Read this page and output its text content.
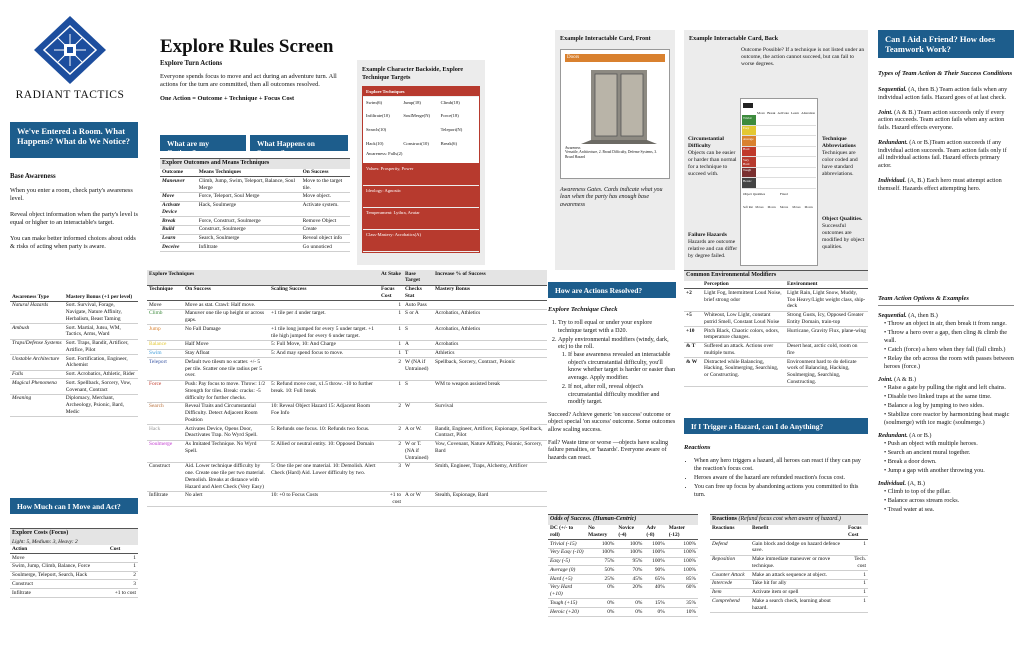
RADIANT TACTICS
Explore Rules Screen
Explore Turn Actions

Everyone spends focus to move and act during an adventure turn. All actions for the turn are committed, then all outcomes resolved.

One Action = Outcome + Technique + Focus Cost

What are my Options?
What Happens on Success?
Explore Outcomes and Means Techniques
Outcome	Means Techniques	On Success
Maneuver	Climb, Jump, Swim, Teleport, Balance, Soul Merge	Move to the target tile.
Move	Force, Teleport, Soul Merge	Move object.
Activate Device	Hack, Soulmerge	Activate system.
Break	Force, Construct, Soulmerge	Remove Object
Build	Construct, Soulmerge	Create
Learn	Search, Soulmerge	Reveal object info
Deceive	Infiltrate	Go unnoticed
Example Character Backside, Explore Technique Targets
Explore Techniques
Swim(6)	Jump(18)	Climb(18)
Infiltrate(10)	SoulMerge(N)	Force(18)
Search(10)	Teleport(N)
Hack(10)	Construct(10)	Break(6)
Awareness: Falls(2)
Values: Prosperity, Power
Ideology: Agnostic
Temperament: Lythra, Avatar
Class-Mastery: Acrobatics(A)
Example Interactable Card, Front
Doors
Awareness
Versatile, Architecture, 2. Broad Difficulty, Defense Systems, 3. Broad Hazard
Awareness Gates. Cards indicate what you lean when the party has enough base awareness
Example Interactable Card, Back
Outcome Possible? If a technique is not listed under an outcome, the action cannot succeed, but can fail to worse degrees.
Circumstantial Difficulty
Objects can be easier or harder than normal for a technique to succeed with.
Failure Hazards
Hazards are outcome relative and can differ by degree failed.
Move Break Activate Learn Alteration
Trivial
Easy
Average
Hard
Very Hard
Tough
Heroic
Object Qualities	Fixed
Soft Ret Moves	Moves	Moves	Moves	Moves
Technique Abbreviations
Techniques are color coded and have standard abbreviations.
Object Qualities.
Successful outcomes are modified by object qualities.
Can I Aid a Friend? How does Teamwork Work?
We've Entered a Room. What Happens? What do We Notice?
Base Awareness

When you enter a room, check party's awareness level.

Reveal object information when the party's level is equal or higher to an interactable's target.

You can make better informed choices about odds & risks of acting when party is aware.

Awareness Type	Mastery Bonus (+1 per level)
Natural Hazards	Sort. Survival, Forage, Navigate, Nature Affinity, Herbalism, Beast Taming
Ambush	Sort. Martial, Jutsu, WM, Tactics, Arms, Ward
Traps/Defense Systems	Sort. Traps, Bandit, Artificer, Artifice, Pilot
Unstable Architecture	Sort. Fortification, Engineer, Alchemist
Falls	Sort. Acrobatics, Athletic, Rider
Magical Phenomena	Sort. Spellback, Sorcery, Vow, Covenant, Contract
Meaning	Diplomacy, Merchant, Archeology, Psionic, Bard, Medic
How Much can I Move and Act?
Explore Costs (Focus)
Light: 5, Medium: 3, Heavy: 2
Action	Cost
Move	1
Swim, Jump, Climb, Balance, Force	1
Soulmerge, Teleport, Search, Hack	2
Construct	3
Infiltrate	+1 to cost
Explore Techniques			At Stake	Base Target	Increase % of Success
Technique	On Success	Scaling Success	Focus Cost	Checks Stat	Mastery Bonus
Move	Move as stat. Crawl: Half move.		1	Auto Pass	
Climb	Manuver one tile up height or across gaps.	+1 tile per 4 under target.	1	S or A	Acrobatics, Athletics
Jump	No Fall Damage	+1 tile long jumped for every 5 under target. +1 tile high jumped for every 6 under target.	1	S	Acrobatics, Athletics
Balance	Half Move	5: Full Move, 10: And Charge	1	A	Acrobatics
Swim	Stay Afloat	5: And may spend focus to move.	1	T	Athletics
Teleport	Default two tilesm no scatter. +/- 5 per tile. Scatter one tile radius per 5 over.		2	W (NA if Untrained)	Spellback, Sorcery, Contract, Psionic
Force	Push: Pay focus to move. Throw: 1/2 Strength for tiles. Break: cracks: -5 difficulty for further checks.	5: Refund move cost, x1.5 throw. -10 to further break. 10: Full break	1	S	WM to weapon assisted break
Search	Reveal Traits and Circumstantial Difficulty. Detect Adjacent Room Position	10: Reveal Object Hazard 15: Adjacent Room Foe Info	2	W	Survival
Hack	Activates Device, Opens Door, Deactivates Trap. No Wyrd Spell.	5: Refunds one focus. 10: Refunds two focus.	2	A or W.	Bandit, Engineer, Artificer, Espionage, Spellback, Contract, Pilot
Soulmerge	As Imitated Technique. No Wyrd Spell.	5: Allied or neutral entity. 10: Opposed Domain	2	W or T. (NA if Untrained)	Vow, Covenant, Nature Affinity, Psionic, Sorcery, Bard
Construct	Aid. Lower technique difficulty by one. Create one tile per two material. Demolish. Breaks at distance with Hazard and Alert Check (Very Easy)	5: One tile per one material. 10: Demolish. Alert Check (Hard) Aid. Lower difficulty by two.	3	W	Smith, Engineer, Traps, Alchemy, Artificer
Infiltrate	No alert	10: +0 to Focus Costs	+1 to cost	A or W	Stealth, Espionage, Bard
How are Actions Resolved?
Explore Technique Check
1. Try to roll equal or under your explore technique target with a D20.
2. Apply environmental modifiers (windy, dark, etc) to the roll.
1. If base awareness revealed an interactable object's circumstantial difficulty, you'll know whether target is harder or easier than average. Apply modifier.
2. If not, after roll, reveal object's circumstantial difficulty modifier and modify target.

Succeed? Achieve generic 'on success' outcome or object special 'on success' outcome. Some outcomes allow scaling success.

Fail? Waste time or worse —objects have scaling failure penalties, or 'hazards'. Everyone aware of hazards can react.

Odds of Success. (Human-Centric)
DC (+/- to roll)	No Mastery	Novice (-4)	Adv (-8)	Master (-12)
Trivial (-15)	100%	100%	100%	100%
Very Easy (-10)	100%	100%	100%	100%
Easy (-5)	75%	95%	100%	100%
Average (0)	50%	70%	90%	100%
Hard (+5)	25%	45%	65%	85%
Very Hard (+10)	0%	20%	40%	60%
Tough (+15)	0%	0%	15%	35%
Heroic (+20)	0%	0%	0%	10%
Common Environmental Modifiers
	Perception	Environment
+2	Light Fog, Intermittent Loud Noise, brief strong odor	Light Rain, Light Snow, Muddy, Too Heavy/Light weight class, ship-deck
+5	Whiteout, Low Light, constant putrid Smell, Constant Loud Noise	Strong Gusts, Icy, Opposed Greater Entity Domain, train-top
+10	Pitch Black, Chaotic colors, odors, temperature changes.	Hurricane, Gravity Flux, plane-wing
& T	Suffered an attack. Actions over multiple turns.	Desert heat, arctic cold, room on fire
& W	Distracted while Balancing, Hacking, Soulmerging, Searching, or Constructing.	Environment hard to do delicate work of Balancing, Hacking, Soulmerging, Searching, Constructing.
If I Trigger a Hazard, can I do Anything?
Reactions
• When any hero triggers a hazard, all heroes can react if they can pay the reaction's focus cost.
• Heroes aware of the hazard are refunded reaction's focus cost.
• You can free up focus by abandoning actions you committed to this turn.
Reactions (Refund focus cost when aware of hazard.)
Reactions	Benefit	Focus Cost
Defend	Gain block and dodge on hazard defence save.	1
Reposition	Make immediate maneuver or move technique.	Tech. cost
Counter Attack	Make an attack sequence at object.	1
Intercede	Take hit for ally	1
Item	Activate item or spell	1
Comprehend	Make a search check, learning about hazard.	1
Types of Team Action & Their Success Conditions

Sequential. (A, then B.) Team action fails when any individual action fails. Hazard goes of at last check.

Joint. (A & B.) Team action succeeds only if every action succeeds. Team action fails when any action fails. Hazard effects everyone.

Redundant. (A or B.)Team action succeeds if any individual action succeeds. Team action fails only if all individual actions fail. Hazard effects primary actor.

Individual. (A, B.) Each hero must attempt action themself. Hazards effect attempting hero.

Team Action Options & Examples
Sequential. (A, then B.)
• Throw an object in air, then break it from range.
• Throw a hero over a gap, then cling & climb the wall.
• Catch (force) a hero when they fall (fall climb.)
• Relay the orb across the room with passes between heroes (force.)
Joint. (A & B.)
• Raise a gate by pulling the right and left chains.
• Disable two linked traps at the same time.
• Balance a log by jumping to two sides.
• Stabilize core reactor by harmonizing heat magic (soulmerge) with ice magic (soulmerge.)
Redundant. (A or B.)
• Push an object with multiple heroes.
• Search an ancient mural together.
• Break a door down.
• Jump a gap with another throwing you.
Individual. (A, B.)
• Climb to top of the pillar.
• Balance across stream rocks.
• Tread water at sea.
